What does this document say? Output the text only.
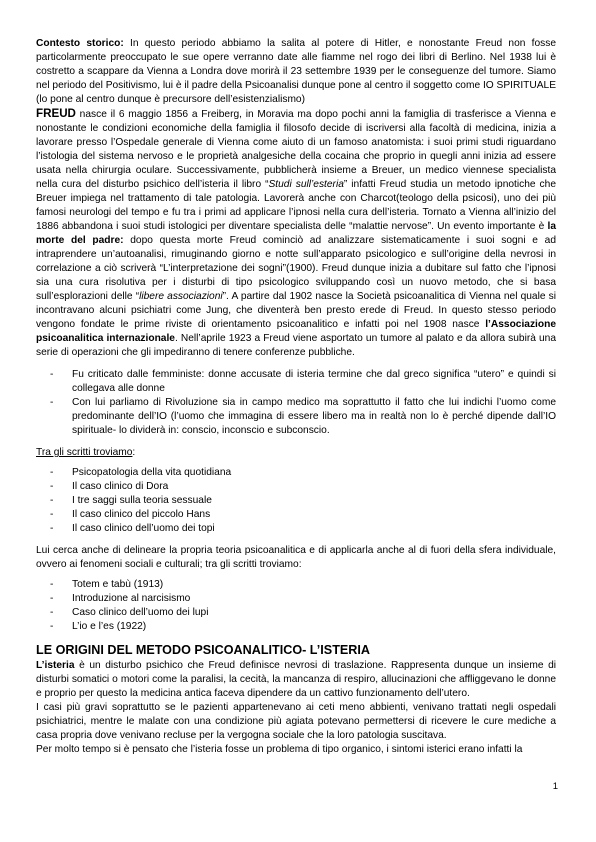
Contesto storico: In questo periodo abbiamo la salita al potere di Hitler, e nonostante Freud non fosse particolarmente preoccupato le sue opere verranno date alle fiamme nel rogo dei libri di Berlino. Nel 1938 lui è costretto a scappare da Vienna a Londra dove morirà il 23 settembre 1939 per le conseguenze del tumore. Siamo nel periodo del Positivismo, lui è il padre della Psicoanalisi dunque pone al centro il soggetto come IO SPIRITUALE (lo pone al centro dunque è precursore dell’esistenzialismo)

FREUD nasce il 6 maggio 1856 a Freiberg, in Moravia ma dopo pochi anni la famiglia di trasferisce a Vienna e nonostante le condizioni economiche della famiglia il filosofo decide di iscriversi alla facoltà di medicina, inizia a lavorare presso l’Ospedale generale di Vienna come aiuto di un famoso anatomista: i suoi primi studi riguardano l’istologia del sistema nervoso e le proprietà analgesiche della cocaina che proprio in quegli anni inizia ad essere usata nella chirurgia oculare. Successivamente, pubblicherà insieme a Breuer, un medico viennese specialista nella cura del disturbo psichico dell’isteria il libro “Studi sull’esteria” infatti Freud studia un metodo ipnotiche che Breuer impiega nel trattamento di tale patologia. Lavorerà anche con Charcot(teologo della psicosi), uno dei più famosi neurologi del tempo e fu tra i primi ad applicare l’ipnosi nella cura dell’isteria. Tornato a Vienna all’inizio del 1886 abbandona i suoi studi istologici per diventare specialista delle “malattie nervose”. Un evento importante è la morte del padre: dopo questa morte Freud cominciò ad analizzare sistematicamente i suoi sogni e ad intraprendere un’autoanalisi, rimuginando giorno e notte sull’apparato psicologico e sull’origine della nevrosi in correlazione a ciò scriverà “L’interpretazione dei sogni”(1900). Freud dunque inizia a dubitare sul fatto che l’ipnosi sia una cura risolutiva per i disturbi di tipo psicologico sviluppando così un nuovo metodo, che si basa sull’esplorazioni delle “libere associazioni”. A partire dal 1902 nasce la Società psicoanalitica di Vienna nel quale si incontravano alcuni psichiatri come Jung, che diventerà ben presto erede di Freud. In questo stesso periodo vengono fondate le prime riviste di orientamento psicoanalitico e infatti poi nel 1908 nasce l’Associazione psicoanalitica internazionale. Nell’aprile 1923 a Freud viene asportato un tumore al palato e da allora subirà una serie di operazioni che gli impediranno di tenere conferenze pubbliche.

- Fu criticato dalle femministe: donne accusate di isteria termine che dal greco significa “utero” e quindi si collegava alle donne
- Con lui parliamo di Rivoluzione sia in campo medico ma soprattutto il fatto che lui indichi l’uomo come predominante dell’IO (l’uomo che immagina di essere libero ma in realtà non lo è perché dipende dall’IO spirituale- lo dividerà in: conscio, inconscio e subconscio.

Tra gli scritti troviamo:

- Psicopatologia della vita quotidiana
- Il caso clinico di Dora
- I tre saggi sulla teoria sessuale
- Il caso clinico del piccolo Hans
- Il caso clinico dell’uomo dei topi

Lui cerca anche di delineare la propria teoria psicoanalitica e di applicarla anche al di fuori della sfera individuale, ovvero ai fenomeni sociali e culturali; tra gli scritti troviamo:

- Totem e tabù (1913)
- Introduzione al narcisismo
- Caso clinico dell’uomo dei lupi
- L’io e l’es (1922)
LE ORIGINI DEL METODO PSICOANALITICO- L’ISTERIA

L’isteria è un disturbo psichico che Freud definisce nevrosi di traslazione. Rappresenta dunque un insieme di disturbi somatici o motori come la paralisi, la cecità, la mancanza di respiro, allucinazioni che affliggevano le donne e proprio per questo la medicina antica faceva dipendere da un cattivo funzionamento dell’utero.

I casi più gravi soprattutto se le pazienti appartenevano ai ceti meno abbienti, venivano trattati negli ospedali psichiatrici, mentre le malate con una condizione più agiata potevano permettersi di ricevere le cure mediche a casa propria dove venivano recluse per la vergogna sociale che la loro patologia suscitava.

Per molto tempo si è pensato che l’isteria fosse un problema di tipo organico, i sintomi isterici erano infatti la

1
